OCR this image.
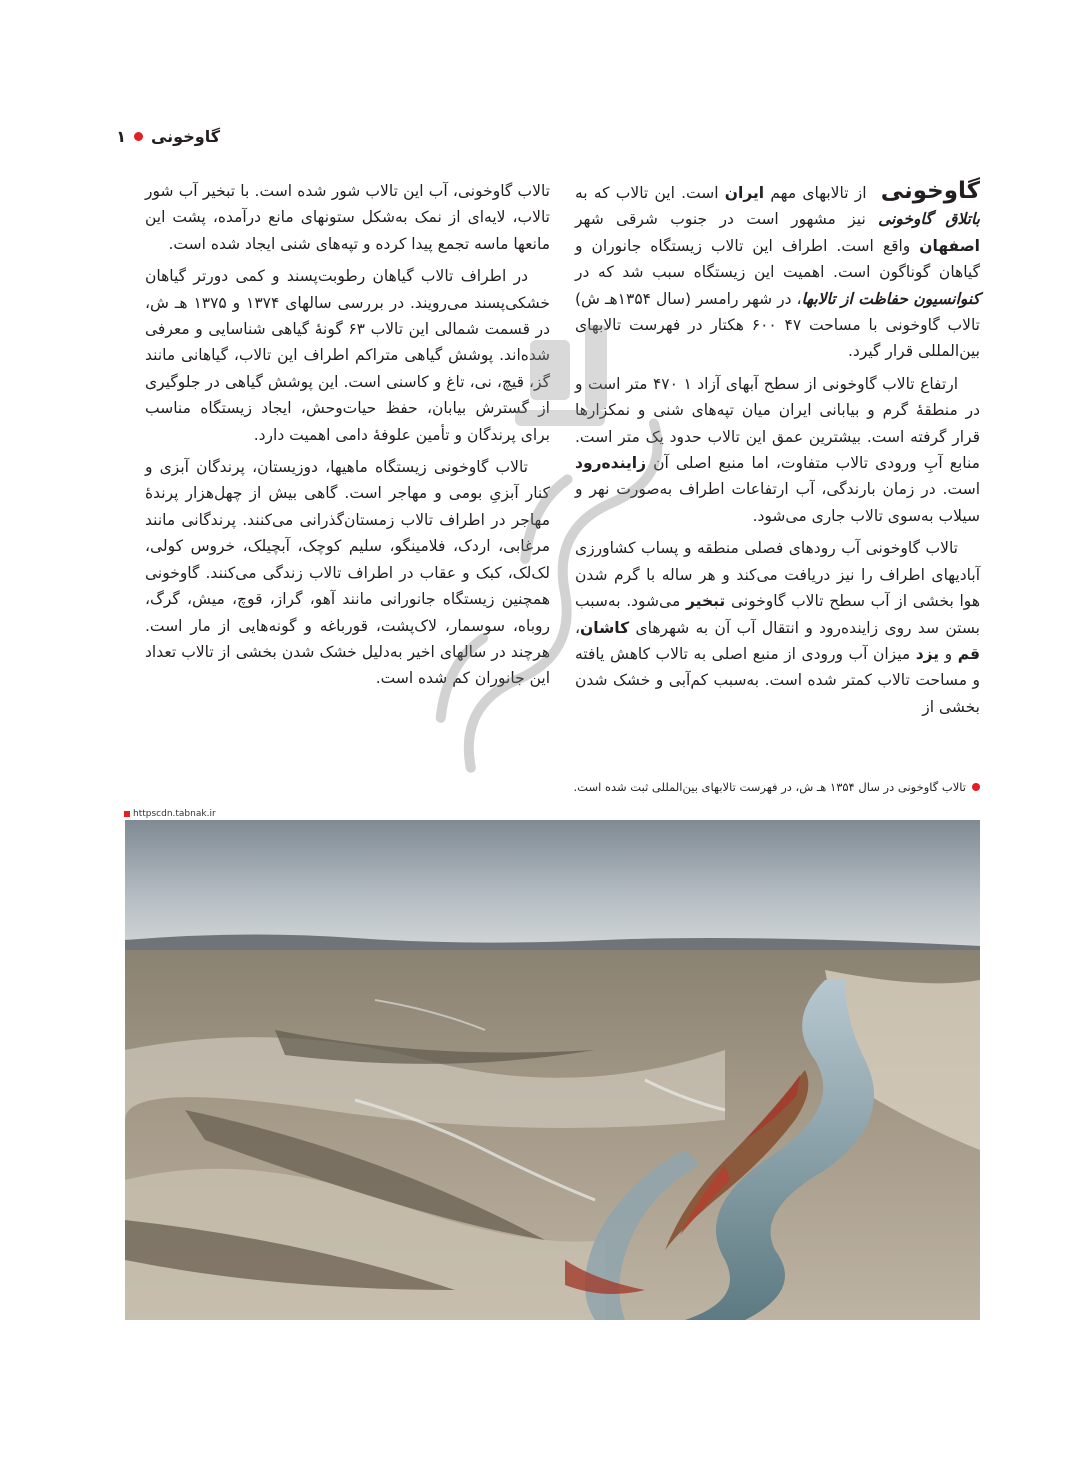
گاوخونی
۱

گاوخونی از تالابهای مهم ایران است. این تالاب که به باتلاق گاوخونی نیز مشهور است در جنوب شرقی شهر اصفهان واقع است. اطراف این تالاب زیستگاه جانوران و گیاهان گوناگون است. اهمیت این زیستگاه سبب شد که در کنوانسیون حفاظت از تالابها، در شهر رامسر (سال ۱۳۵۴هـ ش) تالاب گاوخونی با مساحت ۴۷ ۶۰۰ هکتار در فهرست تالابهای بین‌المللی قرار گیرد.

ارتفاع تالاب گاوخونی از سطح آبهای آزاد ۱ ۴۷۰ متر است و در منطقهٔ گرم و بیابانی ایران میان تپه‌های شنی و نمکزارها قرار گرفته است. بیشترین عمق این تالاب حدود یک متر است. منابع آبِ ورودی تالاب متفاوت، اما منبع اصلی آن زاینده‌رود است. در زمان بارندگی، آب ارتفاعات اطراف به‌صورت نهر و سیلاب به‌سوی تالاب جاری می‌شود.

تالاب گاوخونی آب رودهای فصلی منطقه و پساب کشاورزی آبادیهای اطراف را نیز دریافت می‌کند و هر ساله با گرم شدن هوا بخشی از آب سطح تالاب گاوخونی تبخیر می‌شود. به‌سبب بستن سد روی زاینده‌رود و انتقال آب آن به شهرهای کاشان، قم و یزد میزان آب ورودی از منبع اصلی به تالاب کاهش یافته و مساحت تالاب کمتر شده است. به‌سبب کم‌آبی و خشک شدن بخشی از

تالاب گاوخونی، آب این تالاب شور شده است. با تبخیر آب شور تالاب، لایه‌ای از نمک به‌شکل ستونهای مانع درآمده، پشت این مانعها ماسه تجمع پیدا کرده و تپه‌های شنی ایجاد شده است.

در اطراف تالاب گیاهان رطوبت‌پسند و کمی دورتر گیاهان خشکی‌پسند می‌رویند. در بررسی سالهای ۱۳۷۴ و ۱۳۷۵ هـ ش، در قسمت شمالی این تالاب ۶۳ گونهٔ گیاهی شناسایی و معرفی شده‌اند. پوشش گیاهی متراکم اطراف این تالاب، گیاهانی مانند گز، قیچ، نی، تاغ و کاسنی است. این پوشش گیاهی در جلوگیری از گسترش بیابان، حفظ حیات‌وحش، ایجاد زیستگاه مناسب برای پرندگان و تأمین علوفهٔ دامی اهمیت دارد.

تالاب گاوخونی زیستگاه ماهیها، دوزیستان، پرندگان آبزی و کنار آبزیِ بومی و مهاجر است. گاهی بیش از چهل‌هزار پرندهٔ مهاجر در اطراف تالاب زمستان‌گذرانی می‌کنند. پرندگانی مانند مرغابی، اردک، فلامینگو، سلیم کوچک، آبچیلک، خروس کولی، لک‌لک، کبک و عقاب در اطراف تالاب زندگی می‌کنند. گاوخونی همچنین زیستگاه جانورانی مانند آهو، گراز، قوچ، میش، گرگ، روباه، سوسمار، لاک‌پشت، قورباغه و گونه‌هایی از مار است. هرچند در سالهای اخیر به‌دلیل خشک شدن بخشی از تالاب تعداد این جانوران کم شده است.

تالاب گاوخونی در سال ۱۳۵۴ هـ ش، در فهرست تالابهای بین‌المللی ثبت شده است.
httpscdn.tabnak.ir
